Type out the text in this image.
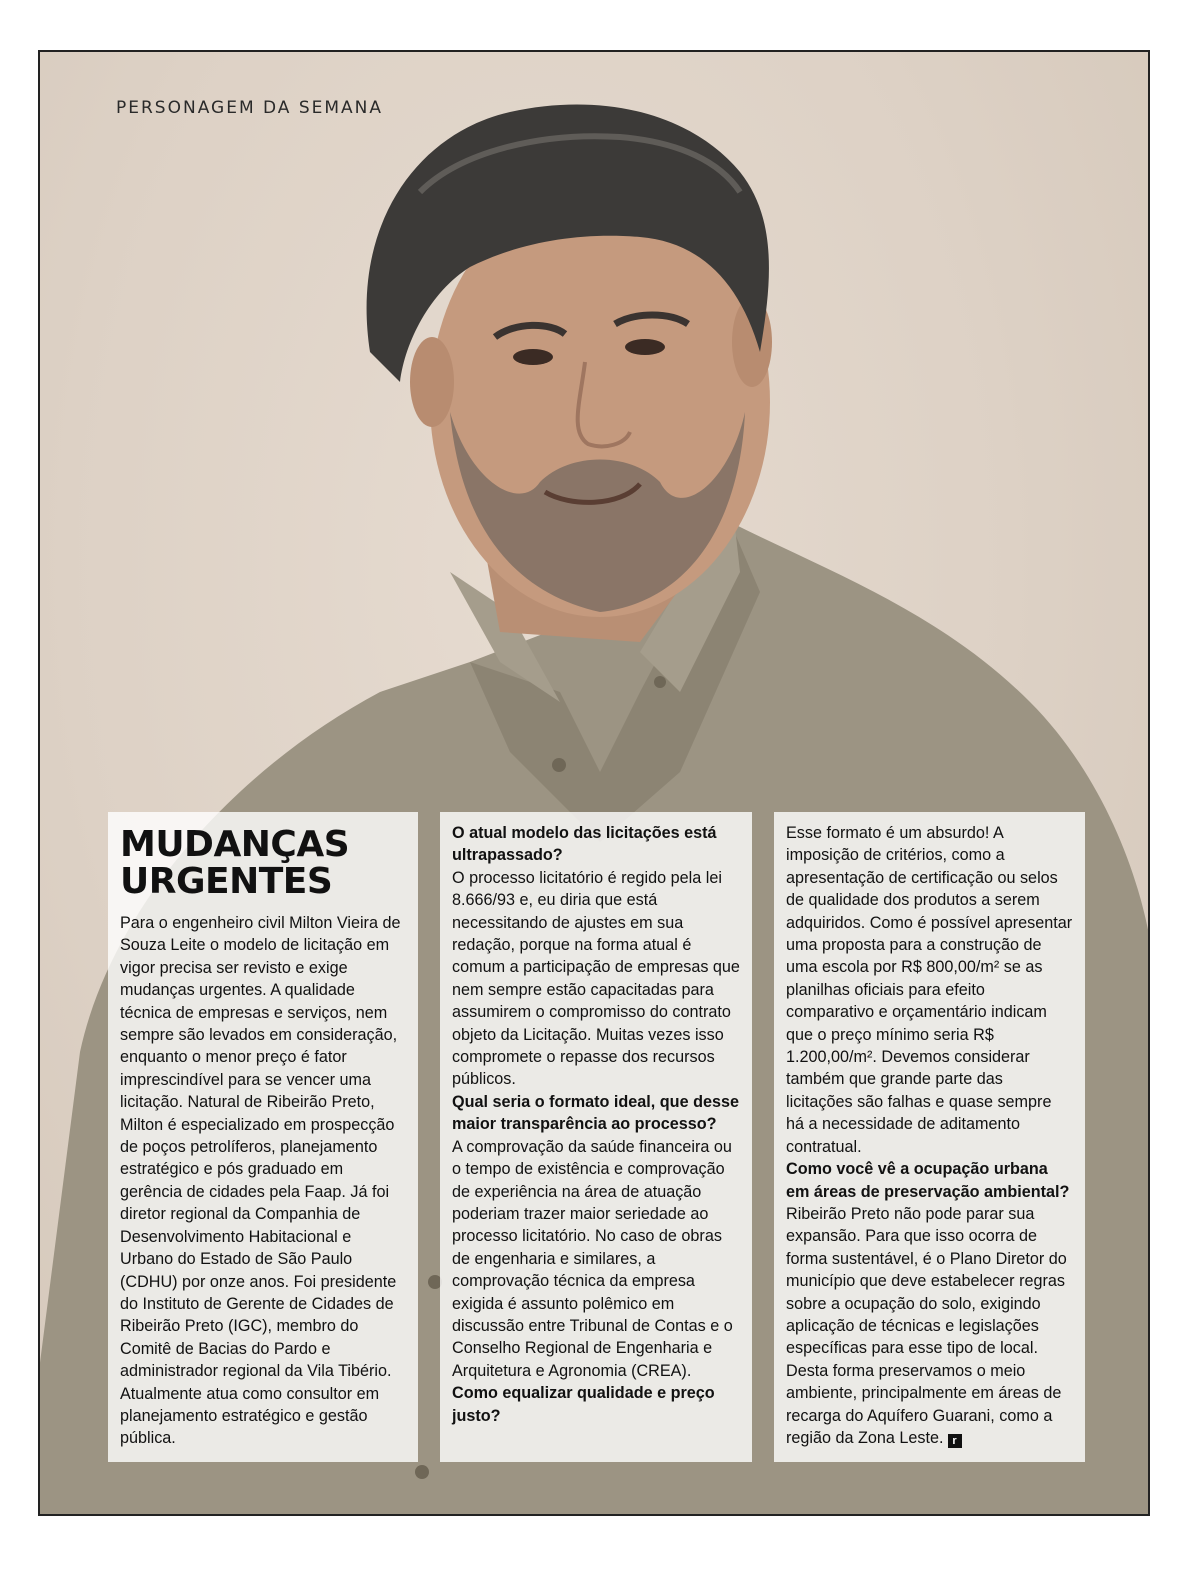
PERSONAGEM DA SEMANA
MUDANÇAS
URGENTES

Para o engenheiro civil Milton Vieira de Souza Leite o modelo de licitação em vigor precisa ser revisto e exige mudanças urgentes. A qualidade técnica de empresas e serviços, nem sempre são levados em consideração, enquanto o menor preço é fator imprescindível para se vencer uma licitação. Natural de Ribeirão Preto, Milton é especializado em prospecção de poços petrolíferos, planejamento estratégico e pós graduado em gerência de cidades pela Faap. Já foi diretor regional da Companhia de Desenvolvimento Habitacional e Urbano do Estado de São Paulo (CDHU) por onze anos. Foi presidente do Instituto de Gerente de Cidades de Ribeirão Preto (IGC), membro do Comitê de Bacias do Pardo e administrador regional da Vila Tibério. Atualmente atua como consultor em planejamento estratégico e gestão pública.

O atual modelo das licitações está ultrapassado?

O processo licitatório é regido pela lei 8.666/93 e, eu diria que está necessitando de ajustes em sua redação, porque na forma atual é comum a participação de empresas que nem sempre estão capacitadas para assumirem o compromisso do contrato objeto da Licitação. Muitas vezes isso compromete o repasse dos recursos públicos.

Qual seria o formato ideal, que desse maior transparência ao processo?

A comprovação da saúde financeira ou o tempo de existência e comprovação de experiência na área de atuação poderiam trazer maior seriedade ao processo licitatório. No caso de obras de engenharia e similares, a comprovação técnica da empresa exigida é assunto polêmico em discussão entre Tribunal de Contas e o Conselho Regional de Engenharia e Arquitetura e Agronomia (CREA).

Como equalizar qualidade e preço justo?

Esse formato é um absurdo! A imposição de critérios, como a apresentação de certificação ou selos de qualidade dos produtos a serem adquiridos. Como é possível apresentar uma proposta para a construção de uma escola por R$ 800,00/m² se as planilhas oficiais para efeito comparativo e orçamentário indicam que o preço mínimo seria R$ 1.200,00/m². Devemos considerar também que grande parte das licitações são falhas e quase sempre há a necessidade de aditamento contratual.

Como você vê a ocupação urbana em áreas de preservação ambiental?

Ribeirão Preto não pode parar sua expansão. Para que isso ocorra de forma sustentável, é o Plano Diretor do município que deve estabelecer regras sobre a ocupação do solo, exigindo aplicação de técnicas e legislações específicas para esse tipo de local. Desta forma preservamos o meio ambiente, principalmente em áreas de recarga do Aquífero Guarani, como a região da Zona Leste. r
